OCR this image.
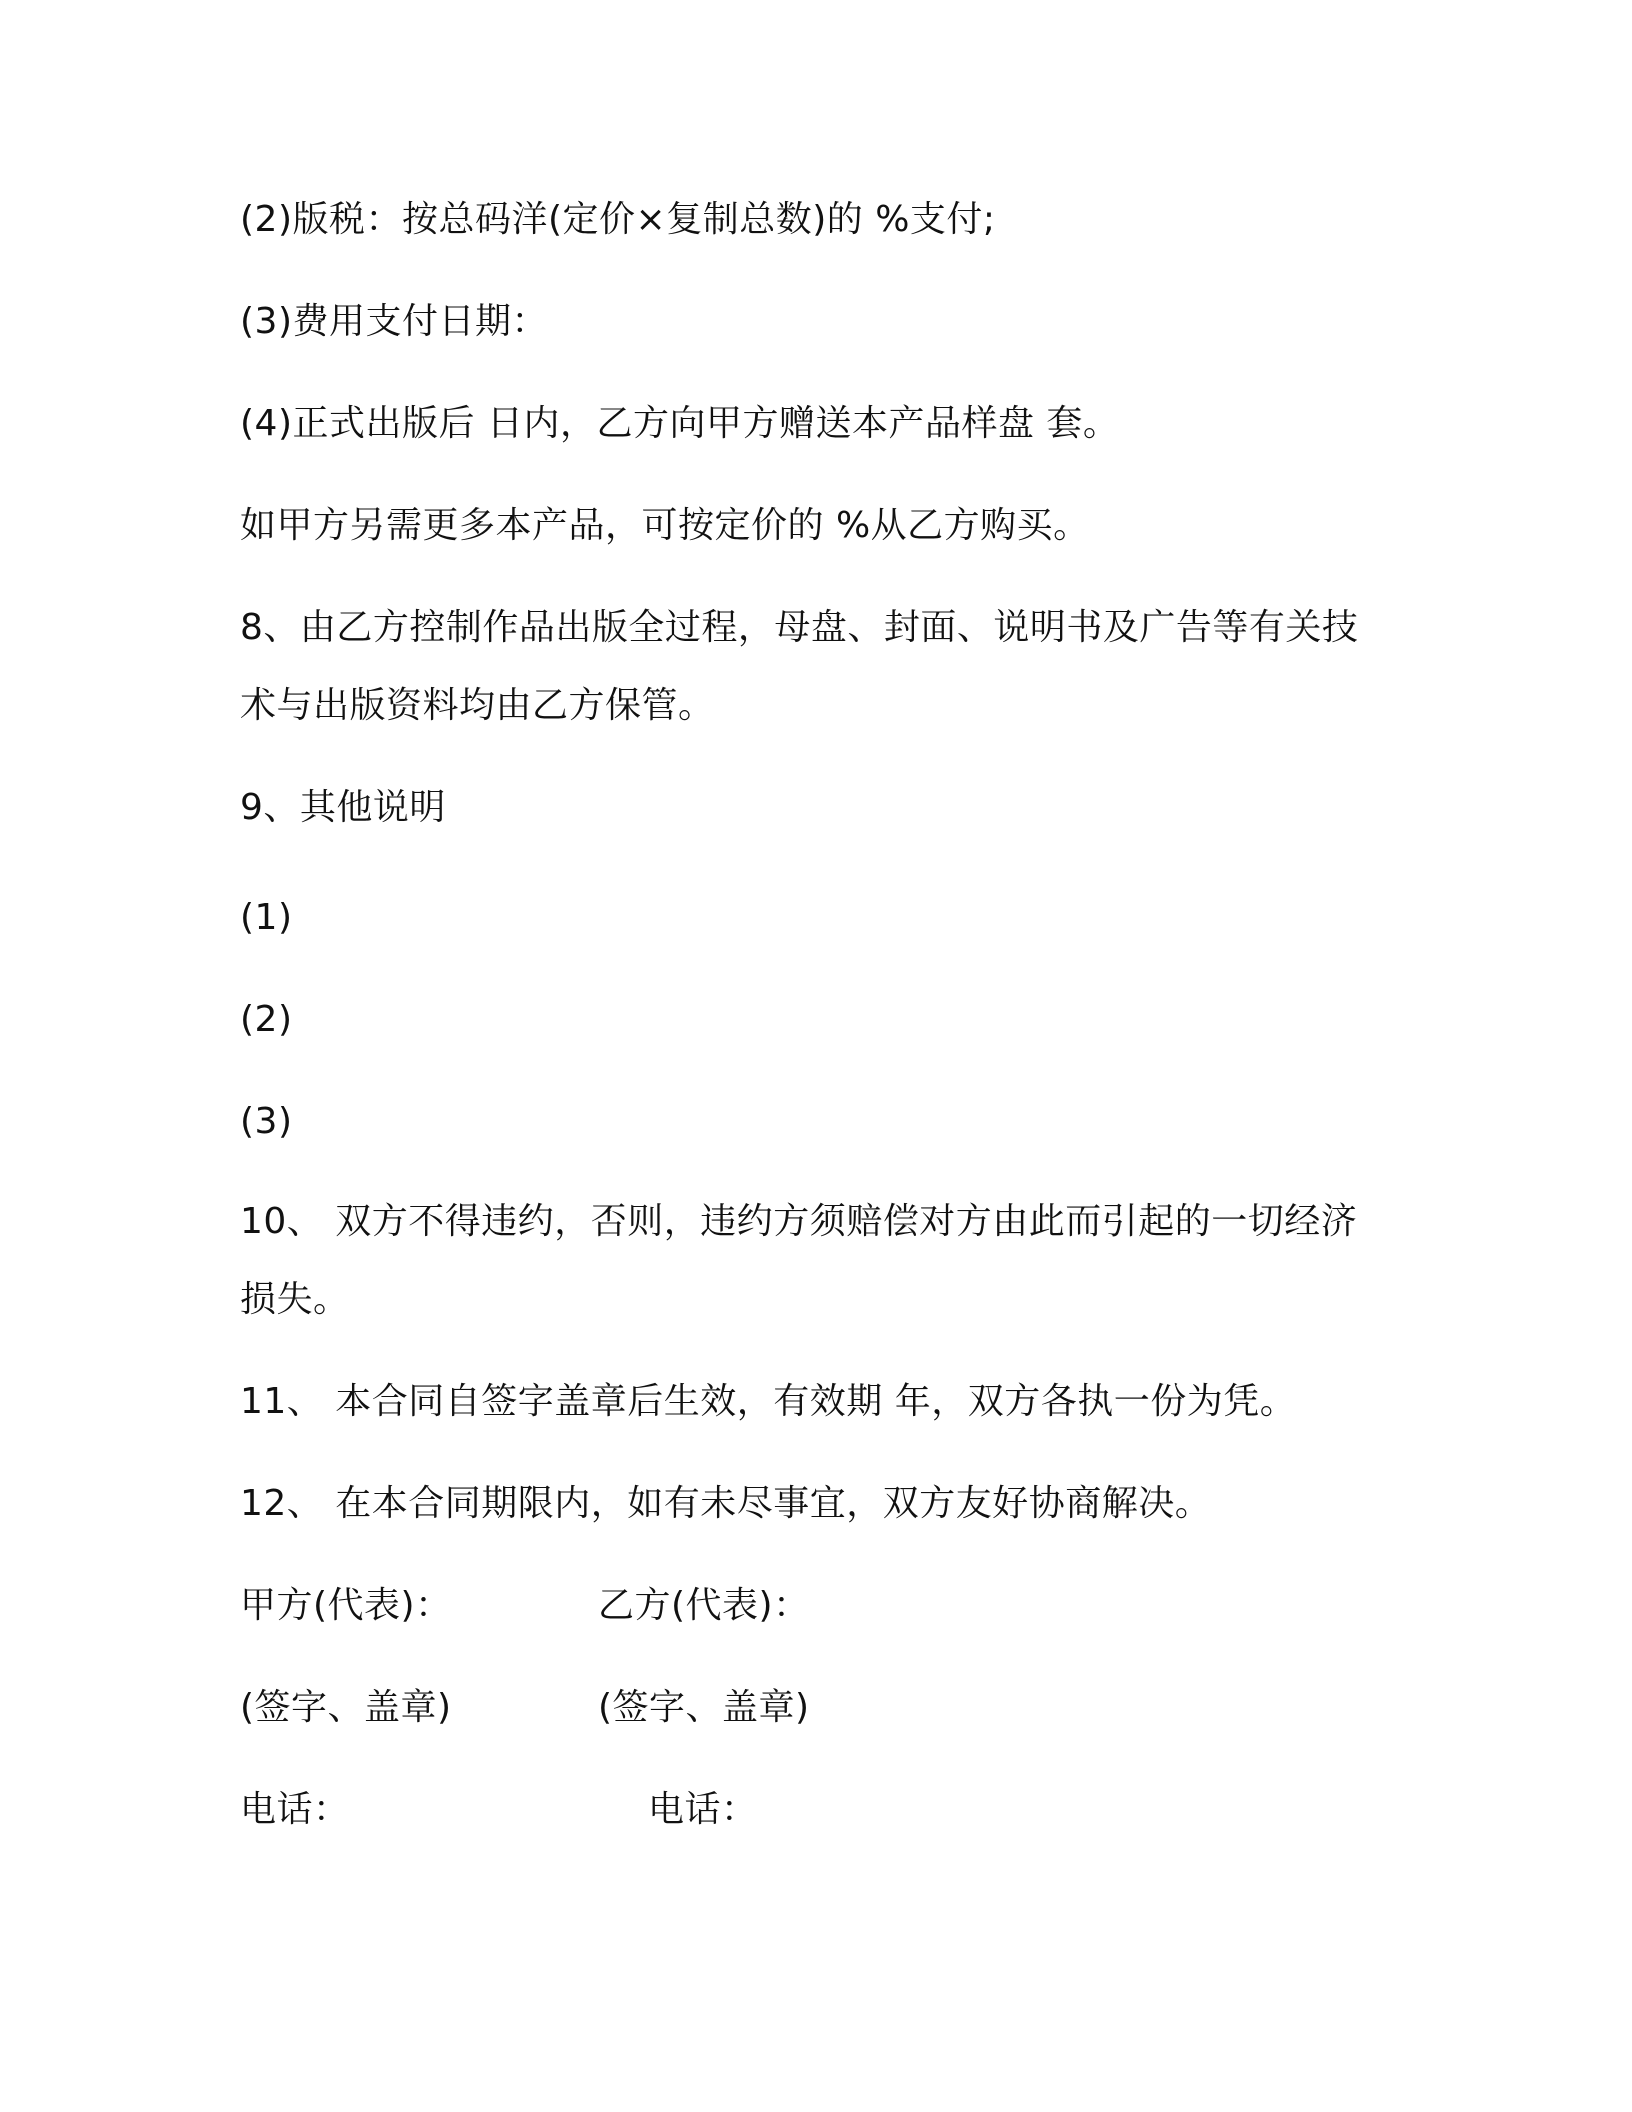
(2)版税：按总码洋(定价×复制总数)的 %支付;

(3)费用支付日期：

(4)正式出版后 日内，乙方向甲方赠送本产品样盘 套。

如甲方另需更多本产品，可按定价的 %从乙方购买。

8、由乙方控制作品出版全过程，母盘、封面、说明书及广告等有关技

术与出版资料均由乙方保管。

9、其他说明

(1)

(2)

(3)

10、 双方不得违约，否则，违约方须赔偿对方由此而引起的一切经济

损失。

11、 本合同自签字盖章后生效，有效期 年，双方各执一份为凭。

12、 在本合同期限内，如有未尽事宜，双方友好协商解决。

甲方(代表)：	乙方(代表)：

(签字、盖章)	(签字、盖章)

电话：	电话：
